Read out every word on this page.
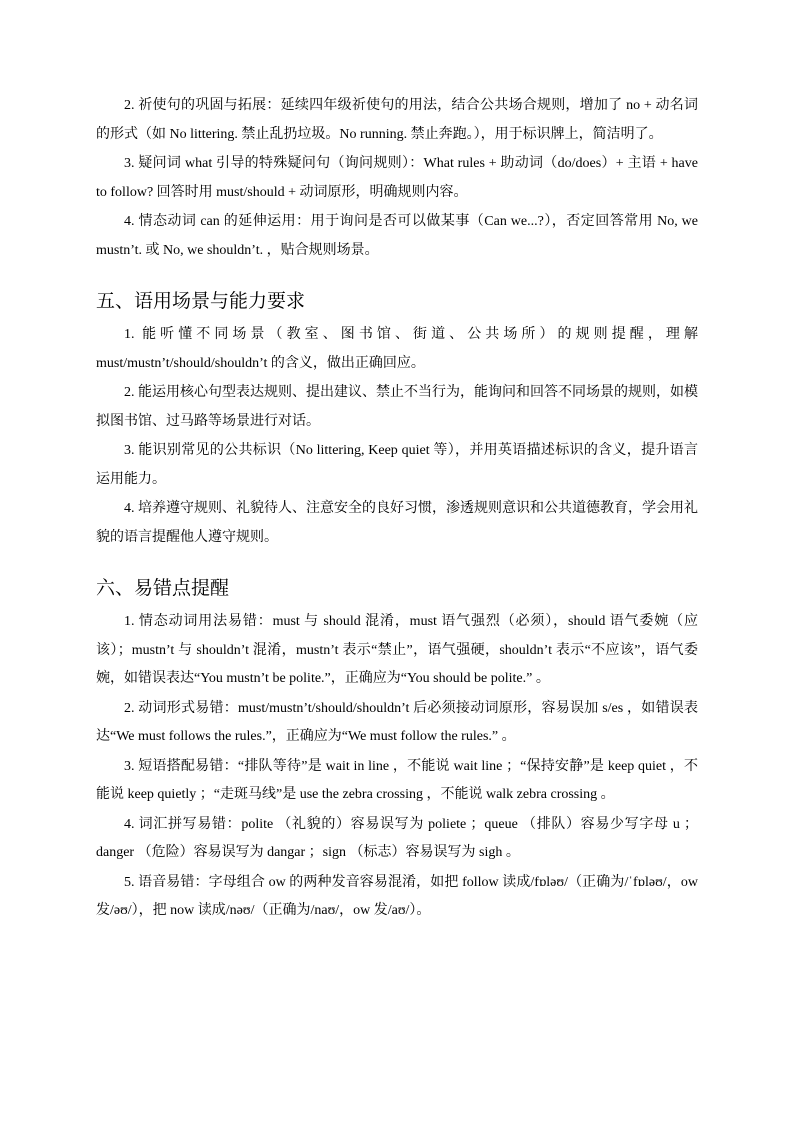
2. 祈使句的巩固与拓展：延续四年级祈使句的用法，结合公共场合规则，增加了 no + 动名词的形式（如 No littering. 禁止乱扔垃圾。No running. 禁止奔跑。），用于标识牌上，简洁明了。

3. 疑问词 what 引导的特殊疑问句（询问规则）：What rules + 助动词（do/does）+ 主语 + have to follow? 回答时用 must/should + 动词原形，明确规则内容。

4. 情态动词 can 的延伸运用：用于询问是否可以做某事（Can we...?），否定回答常用 No, we mustn’t. 或 No, we shouldn’t. ，贴合规则场景。

五、语用场景与能力要求

1. 能听懂不同场景（教室、图书馆、街道、公共场所）的规则提醒，理解 must/mustn’t/should/shouldn’t 的含义，做出正确回应。

2. 能运用核心句型表达规则、提出建议、禁止不当行为，能询问和回答不同场景的规则，如模拟图书馆、过马路等场景进行对话。

3. 能识别常见的公共标识（No littering, Keep quiet 等），并用英语描述标识的含义，提升语言运用能力。

4. 培养遵守规则、礼貌待人、注意安全的良好习惯，渗透规则意识和公共道德教育，学会用礼貌的语言提醒他人遵守规则。

六、易错点提醒

1. 情态动词用法易错：must 与 should 混淆，must 语气强烈（必须），should 语气委婉（应该）；mustn’t 与 shouldn’t 混淆，mustn’t 表示“禁止”，语气强硬，shouldn’t 表示“不应该”，语气委婉，如错误表达“You mustn’t be polite.”，正确应为“You should be polite.” 。

2. 动词形式易错：must/mustn’t/should/shouldn’t 后必须接动词原形，容易误加 s/es ，如错误表达“We must follows the rules.”，正确应为“We must follow the rules.” 。

3. 短语搭配易错：“排队等待”是 wait in line ，不能说 wait line ；“保持安静”是 keep quiet ，不能说 keep quietly ；“走斑马线”是 use the zebra crossing ，不能说 walk zebra crossing 。

4. 词汇拼写易错：polite （礼貌的）容易误写为 poliete ；queue （排队）容易少写字母 u ；danger （危险）容易误写为 dangar ；sign （标志）容易误写为 sigh 。

5. 语音易错：字母组合 ow 的两种发音容易混淆，如把 follow 读成/fɒləʊ/（正确为/ˈfɒləʊ/，ow 发/əʊ/），把 now 读成/nəʊ/（正确为/naʊ/，ow 发/aʊ/）。
